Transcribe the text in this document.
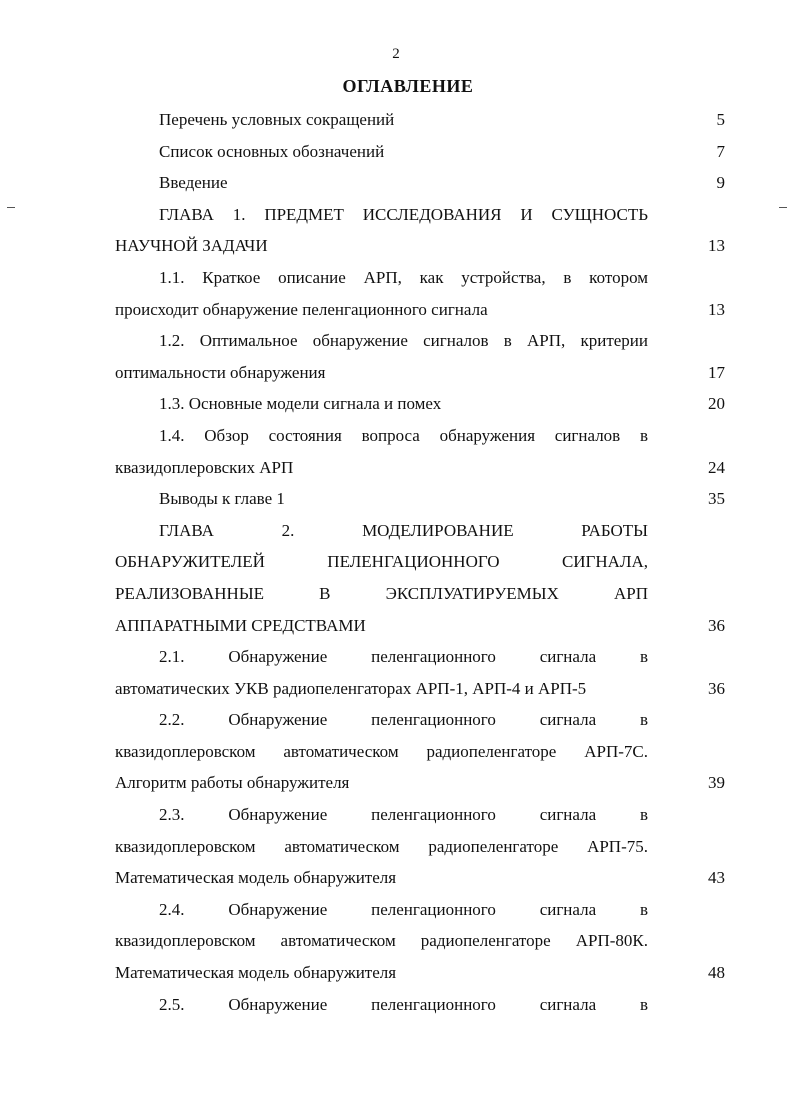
2
ОГЛАВЛЕНИЕ
Перечень условных сокращений	5
Список основных обозначений	7
Введение	9
ГЛАВА 1. ПРЕДМЕТ ИССЛЕДОВАНИЯ И СУЩНОСТЬ
НАУЧНОЙ ЗАДАЧИ	13
1.1. Краткое описание АРП, как устройства, в котором
происходит обнаружение пеленгационного сигнала	13
1.2. Оптимальное обнаружение сигналов в АРП, критерии
оптимальности обнаружения	17
1.3. Основные модели сигнала и помех	20
1.4. Обзор состояния вопроса обнаружения сигналов в
квазидоплеровских АРП	24
Выводы к главе 1	35
ГЛАВА 2. МОДЕЛИРОВАНИЕ РАБОТЫ
ОБНАРУЖИТЕЛЕЙ ПЕЛЕНГАЦИОННОГО СИГНАЛА,
РЕАЛИЗОВАННЫЕ В ЭКСПЛУАТИРУЕМЫХ АРП
АППАРАТНЫМИ СРЕДСТВАМИ	36
2.1. Обнаружение пеленгационного сигнала в
автоматических УКВ радиопеленгаторах АРП-1, АРП-4 и АРП-5	36
2.2. Обнаружение пеленгационного сигнала в
квазидоплеровском автоматическом радиопеленгаторе АРП-7С.
Алгоритм работы обнаружителя	39
2.3. Обнаружение пеленгационного сигнала в
квазидоплеровском автоматическом радиопеленгаторе АРП-75.
Математическая модель обнаружителя	43
2.4. Обнаружение пеленгационного сигнала в
квазидоплеровском автоматическом радиопеленгаторе АРП-80К.
Математическая модель обнаружителя	48
2.5. Обнаружение пеленгационного сигнала в
